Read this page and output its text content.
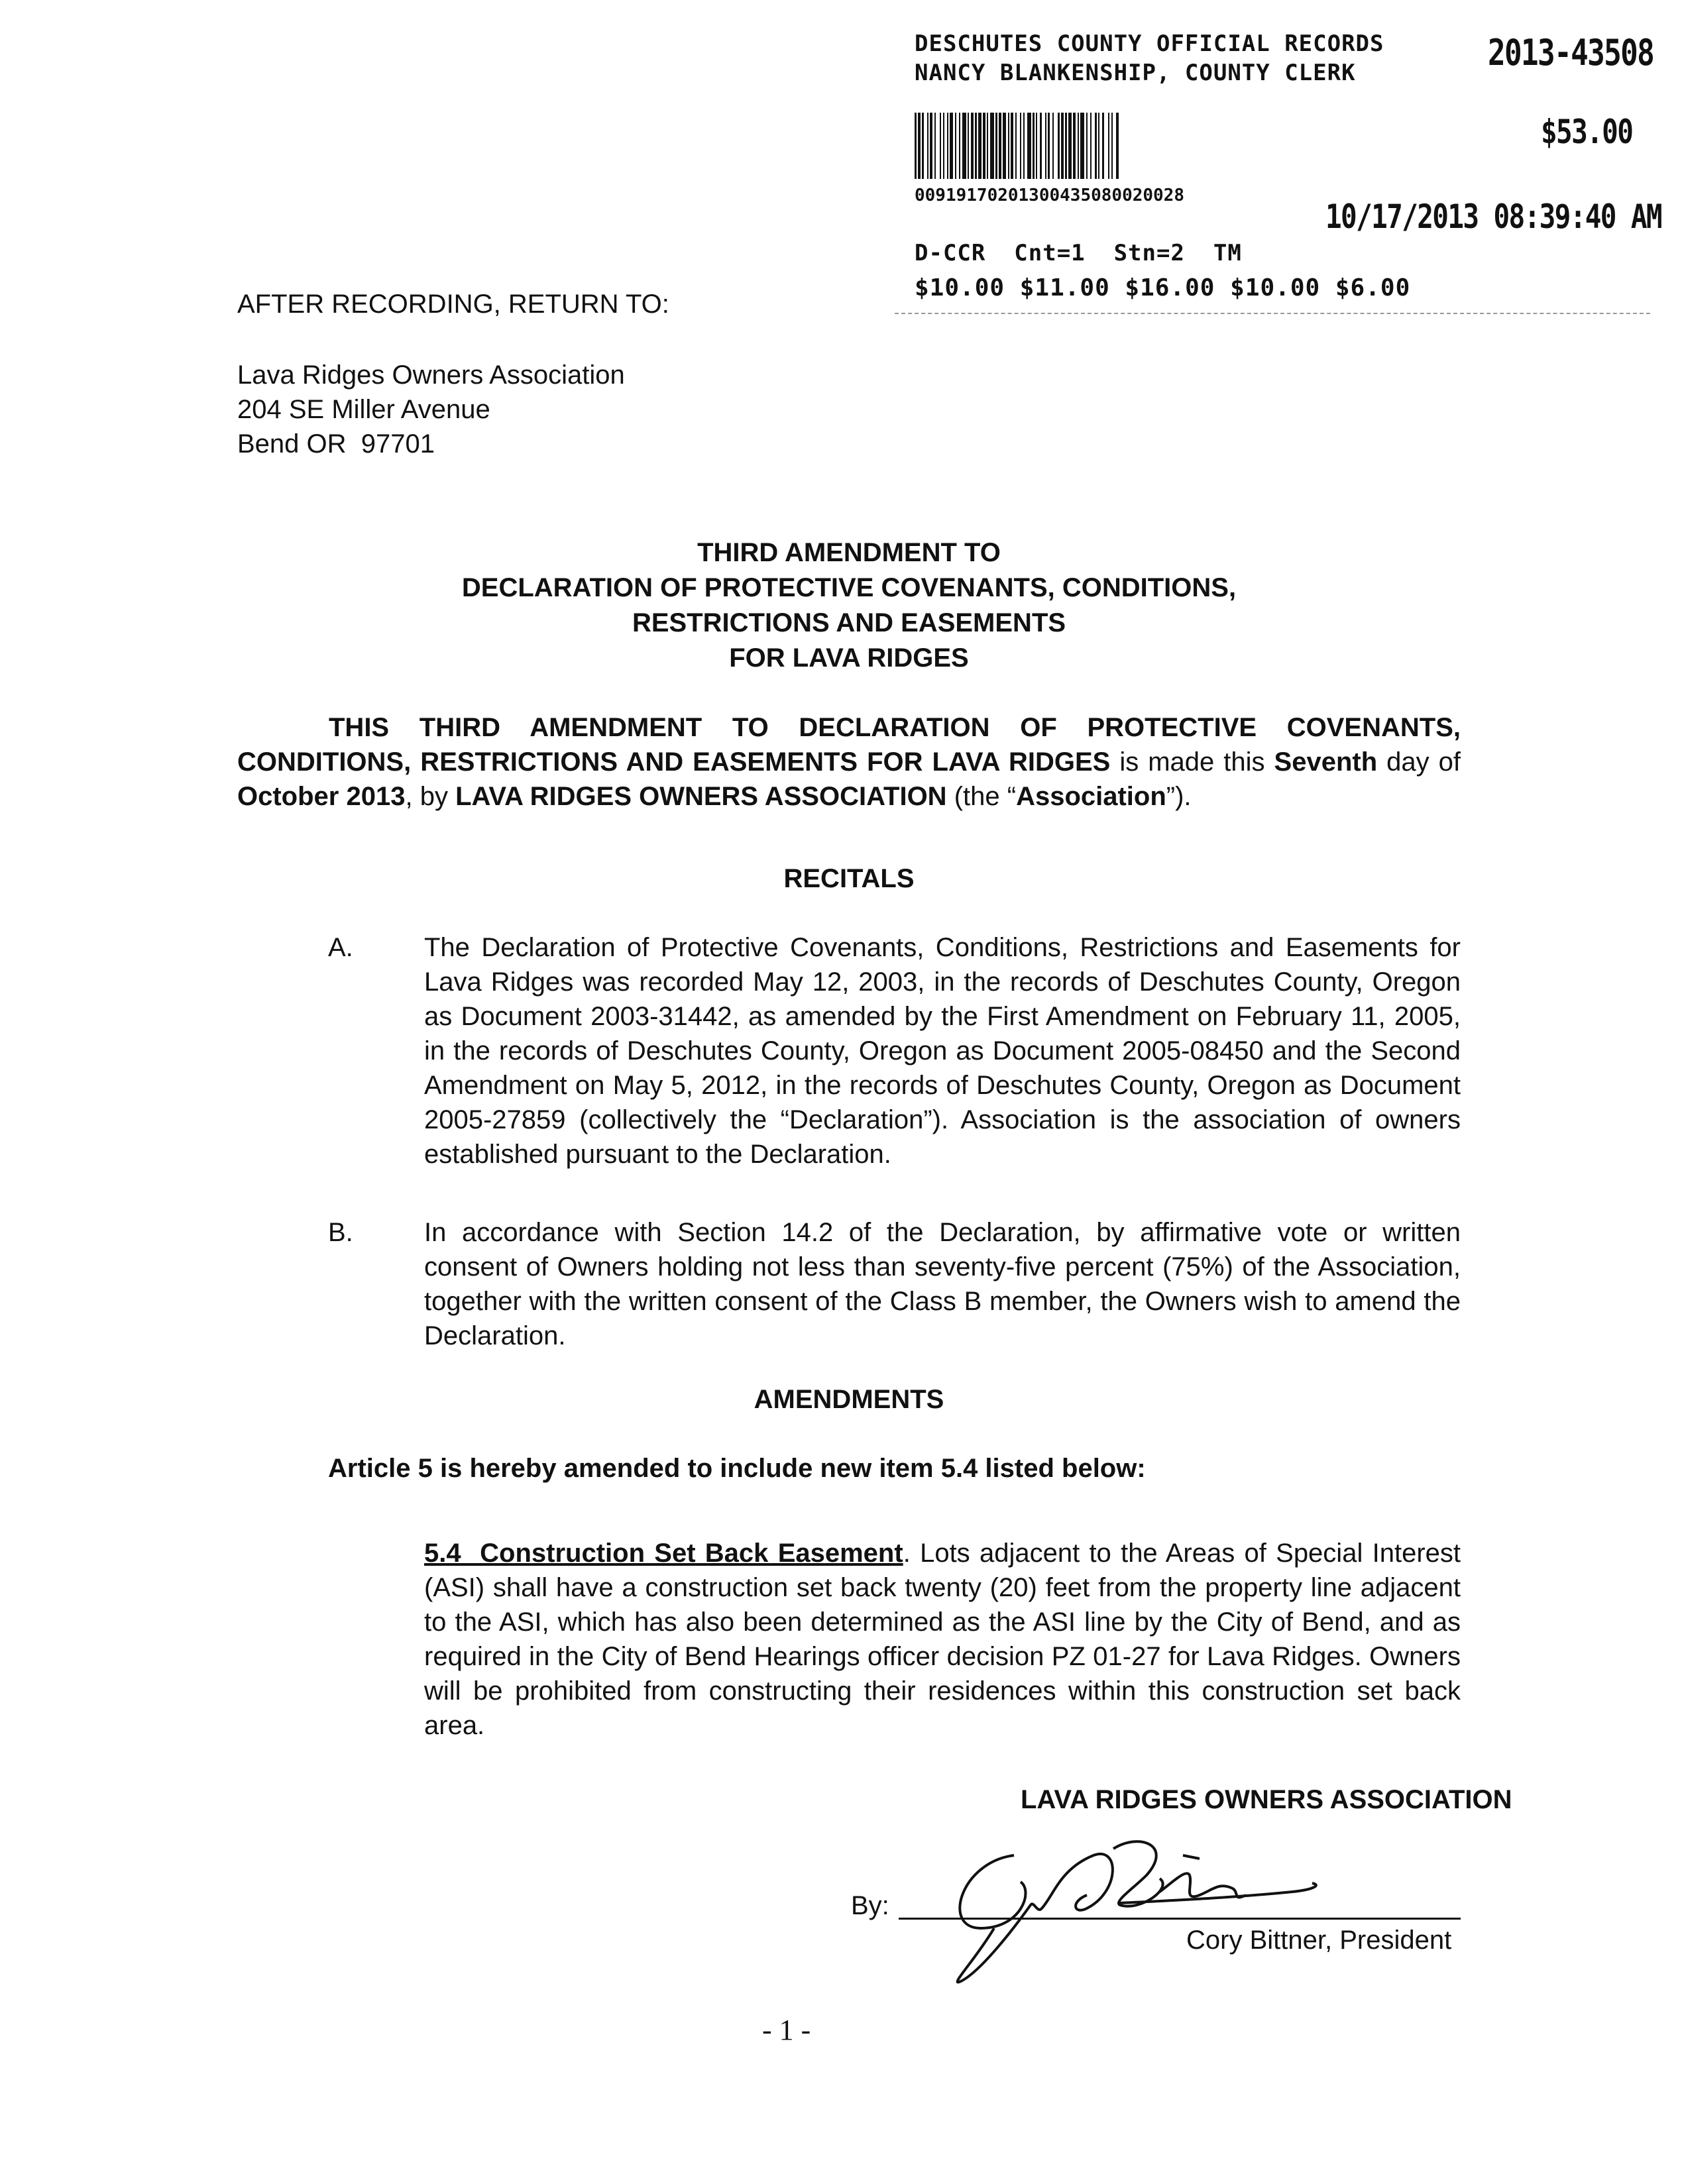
DESCHUTES COUNTY OFFICIAL RECORDS
NANCY BLANKENSHIP, COUNTY CLERK	2013-43508
$53.00
00919170201300435080020028
10/17/2013 08:39:40 AM
D-CCR  Cnt=1  Stn=2  TM
$10.00 $11.00 $16.00 $10.00 $6.00
AFTER RECORDING, RETURN TO:
Lava Ridges Owners Association
204 SE Miller Avenue
Bend OR  97701
THIRD AMENDMENT TO
DECLARATION OF PROTECTIVE COVENANTS, CONDITIONS,
RESTRICTIONS AND EASEMENTS
FOR LAVA RIDGES
THIS THIRD AMENDMENT TO DECLARATION OF PROTECTIVE COVENANTS, CONDITIONS, RESTRICTIONS AND EASEMENTS FOR LAVA RIDGES is made this Seventh day of October 2013, by LAVA RIDGES OWNERS ASSOCIATION (the “Association”).
RECITALS
A.	The Declaration of Protective Covenants, Conditions, Restrictions and Easements for Lava Ridges was recorded May 12, 2003, in the records of Deschutes County, Oregon as Document 2003-31442, as amended by the First Amendment on February 11, 2005, in the records of Deschutes County, Oregon as Document 2005-08450 and the Second Amendment on May 5, 2012, in the records of Deschutes County, Oregon as Document 2005-27859 (collectively the “Declaration”). Association is the association of owners established pursuant to the Declaration.
B.	In accordance with Section 14.2 of the Declaration, by affirmative vote or written consent of Owners holding not less than seventy-five percent (75%) of the Association, together with the written consent of the Class B member, the Owners wish to amend the Declaration.
AMENDMENTS
Article 5 is hereby amended to include new item 5.4 listed below:
5.4  Construction Set Back Easement. Lots adjacent to the Areas of Special Interest (ASI) shall have a construction set back twenty (20) feet from the property line adjacent to the ASI, which has also been determined as the ASI line by the City of Bend, and as required in the City of Bend Hearings officer decision PZ 01-27 for Lava Ridges. Owners will be prohibited from constructing their residences within this construction set back area.
LAVA RIDGES OWNERS ASSOCIATION
By:
Cory Bittner, President
- 1 -
